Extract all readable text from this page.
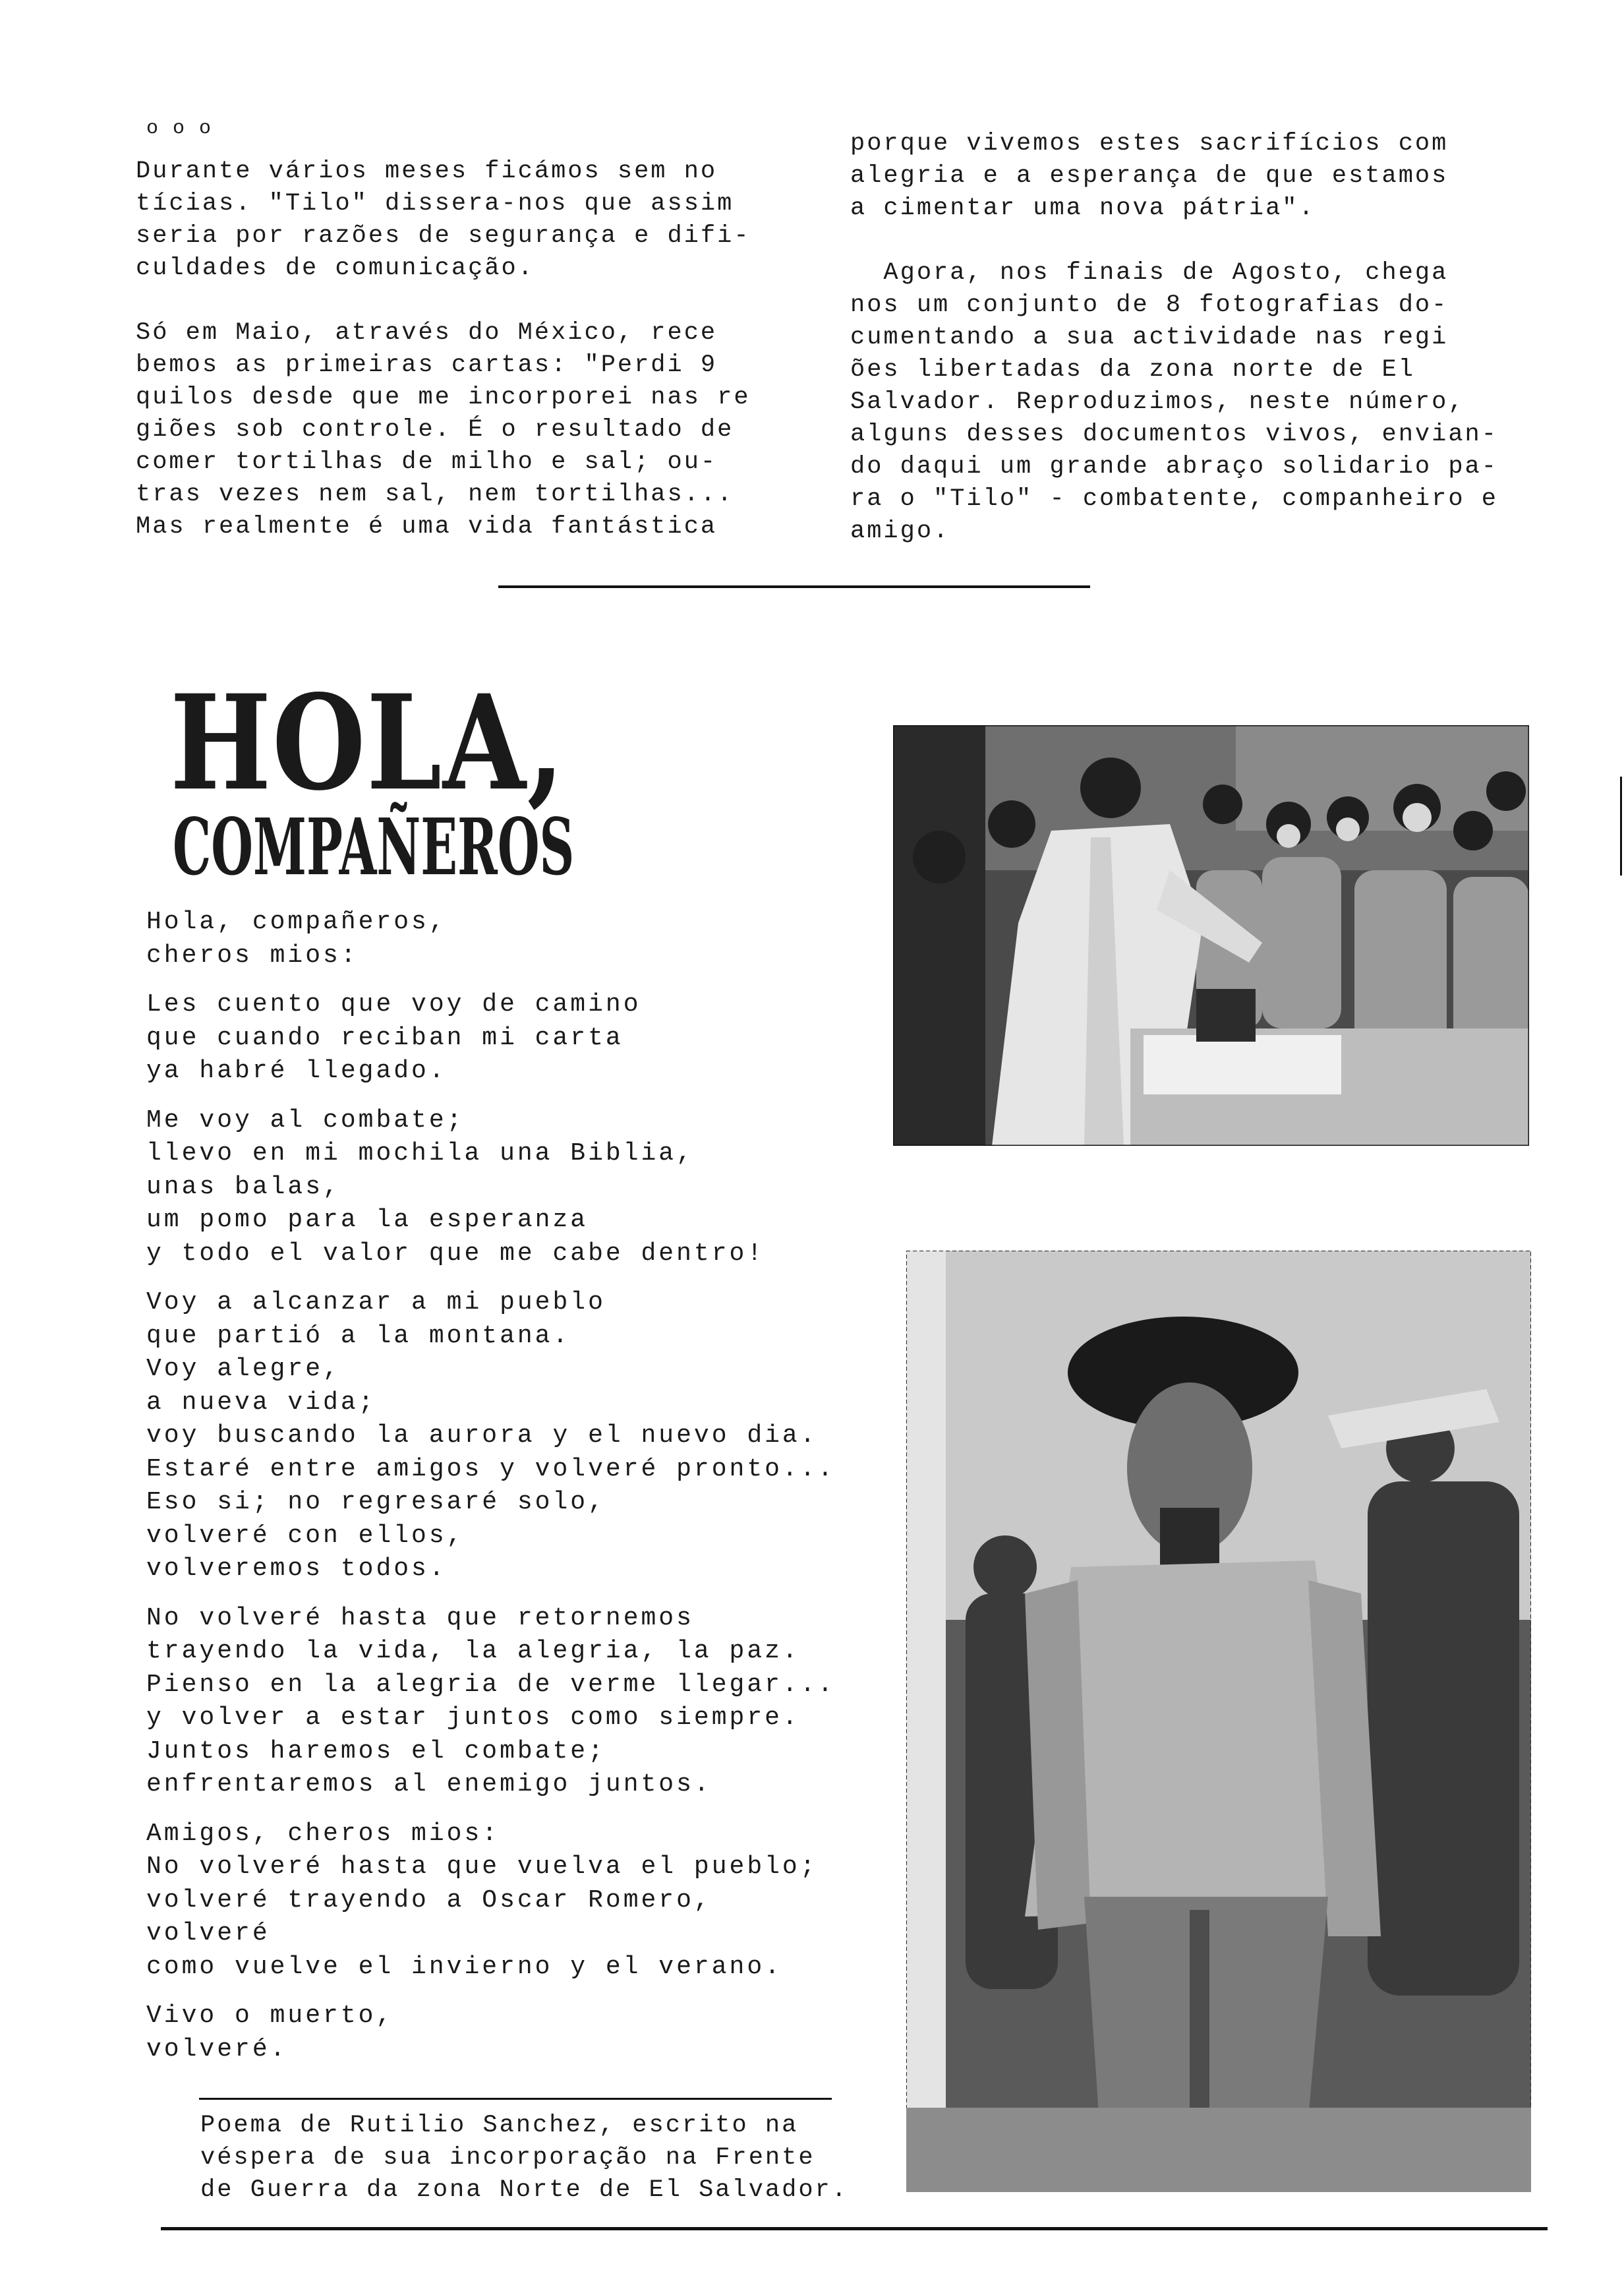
o o o
Durante vários meses ficámos sem no
tícias. "Tilo" dissera-nos que assim
seria por razões de segurança e difi-
culdades de comunicação.

Só em Maio, através do México, rece
bemos as primeiras cartas: "Perdi 9
quilos desde que me incorporei nas re
giões sob controle. É o resultado de
comer tortilhas de milho e sal; ou-
tras vezes nem sal, nem tortilhas...
Mas realmente é uma vida fantástica
porque vivemos estes sacrifícios com
alegria e a esperança de que estamos
a cimentar uma nova pátria".

Agora, nos finais de Agosto, chega
nos um conjunto de 8 fotografias do-
cumentando a sua actividade nas regi
ões libertadas da zona norte de El
Salvador. Reproduzimos, neste número,
alguns desses documentos vivos, envian-
do daqui um grande abraço solidario pa-
ra o "Tilo" - combatente, companheiro e
amigo.
HOLA,
COMPAÑEROS
Hola, compañeros,
cheros mios:
Les cuento que voy de camino
que cuando reciban mi carta
ya habré llegado.
Me voy al combate;
llevo en mi mochila una Biblia,
unas balas,
um pomo para la esperanza
y todo el valor que me cabe dentro!
Voy a alcanzar a mi pueblo
que partió a la montana.
Voy alegre,
a nueva vida;
voy buscando la aurora y el nuevo dia.
Estaré entre amigos y volveré pronto...
Eso si; no regresaré solo,
volveré con ellos,
volveremos todos.
No volveré hasta que retornemos
trayendo la vida, la alegria, la paz.
Pienso en la alegria de verme llegar...
y volver a estar juntos como siempre.
Juntos haremos el combate;
enfrentaremos al enemigo juntos.
Amigos, cheros mios:
No volveré hasta que vuelva el pueblo;
volveré trayendo a Oscar Romero,
volveré
como vuelve el invierno y el verano.
Vivo o muerto,
volveré.
Poema de Rutilio Sanchez, escrito na
véspera de sua incorporação na Frente
de Guerra da zona Norte de El Salvador.
